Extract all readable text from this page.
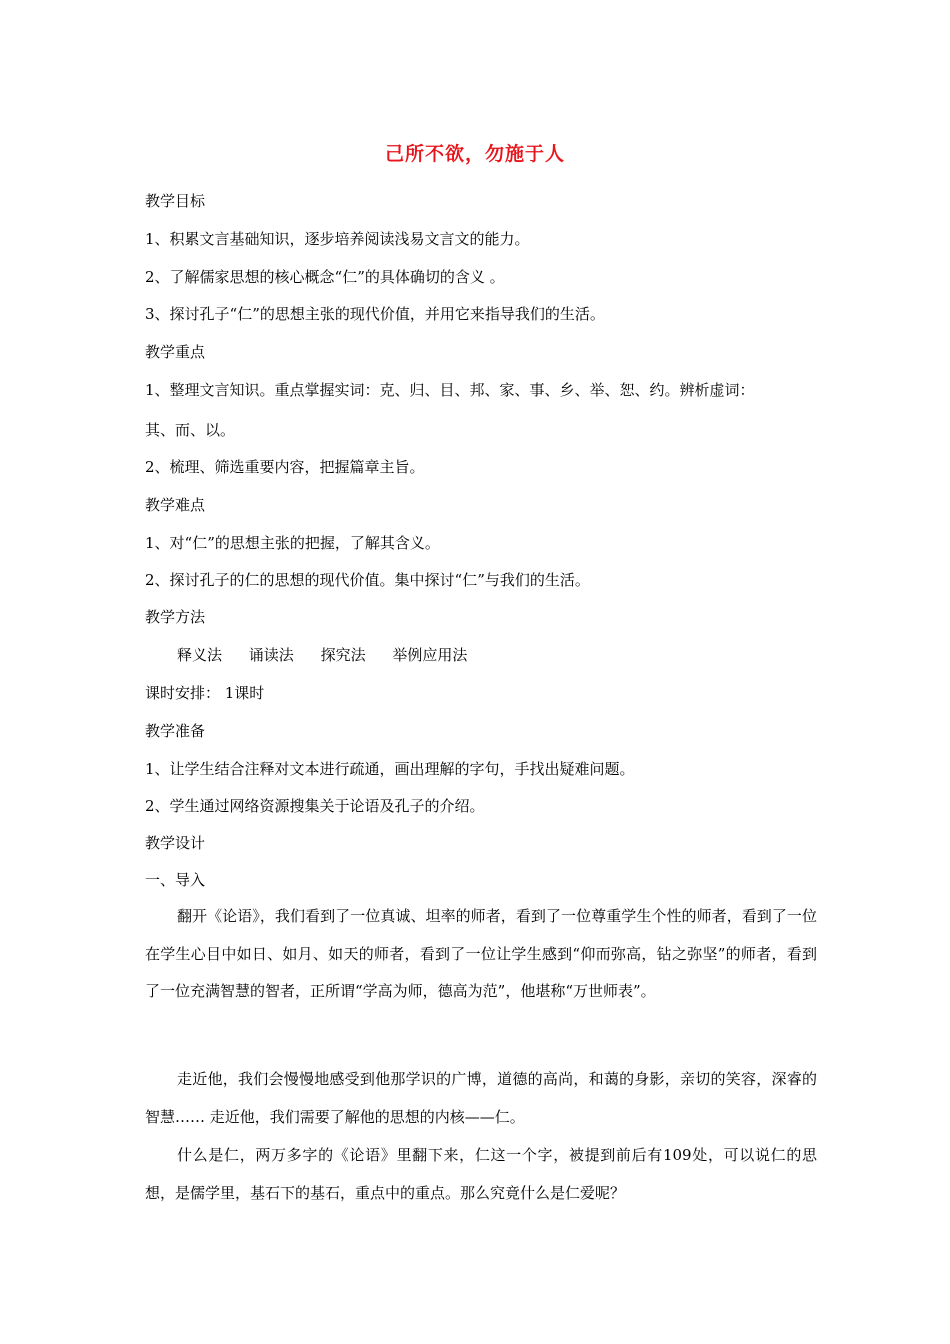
己所不欲，勿施于人
教学目标
1、积累文言基础知识，逐步培养阅读浅易文言文的能力。
2、了解儒家思想的核心概念“仁”的具体确切的含义 。
3、探讨孔子“仁”的思想主张的现代价值，并用它来指导我们的生活。
教学重点
1、整理文言知识。重点掌握实词：克、归、目、邦、家、事、乡、举、恕、约。辨析虚词：
其、而、以。
2、梳理、筛选重要内容，把握篇章主旨。
教学难点
1、对“仁”的思想主张的把握，了解其含义。
2、探讨孔子的仁的思想的现代价值。集中探讨“仁”与我们的生活。
教学方法
释义法 诵读法 探究法 举例应用法
课时安排： 1课时
教学准备
1、让学生结合注释对文本进行疏通，画出理解的字句，手找出疑难问题。
2、学生通过网络资源搜集关于论语及孔子的介绍。
教学设计
一、导入

翻开《论语》，我们看到了一位真诚、坦率的师者，看到了一位尊重学生个性的师者，看到了一位在学生心目中如日、如月、如天的师者，看到了一位让学生感到“仰而弥高，钻之弥坚”的师者，看到了一位充满智慧的智者，正所谓“学高为师，德高为范”，他堪称“万世师表”。

走近他，我们会慢慢地感受到他那学识的广博，道德的高尚，和蔼的身影，亲切的笑容，深睿的智慧…… 走近他，我们需要了解他的思想的内核——仁。

什么是仁，两万多字的《论语》里翻下来，仁这一个字，被提到前后有109处，可以说仁的思想，是儒学里，基石下的基石，重点中的重点。那么究竟什么是仁爱呢？
